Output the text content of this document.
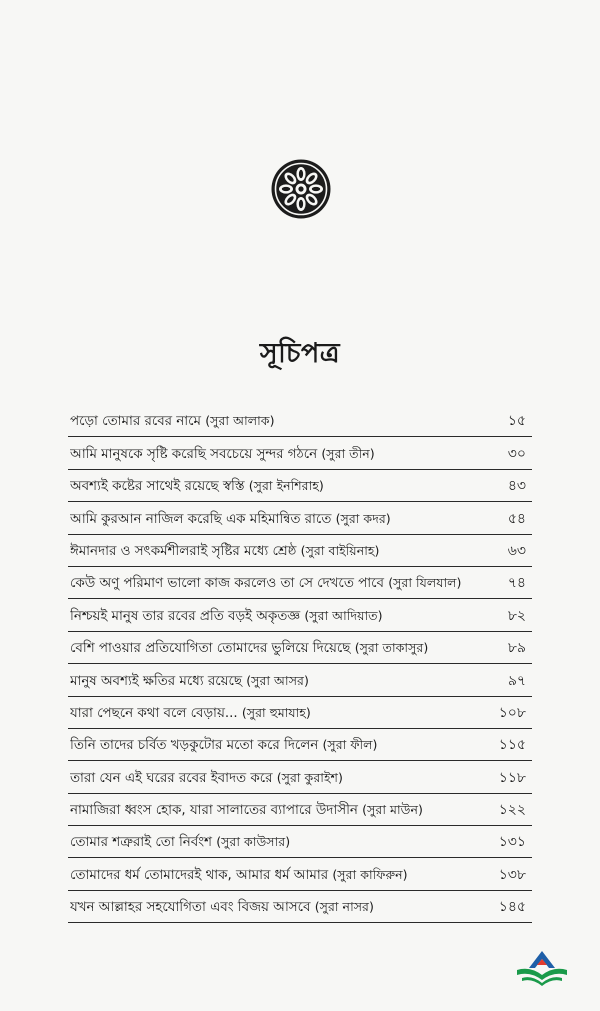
সূচিপত্র
পড়ো তোমার রবের নামে (সুরা আলাক)	১৫
আমি মানুষকে সৃষ্টি করেছি সবচেয়ে সুন্দর গঠনে (সুরা তীন)	৩০
অবশ্যই কষ্টের সাথেই রয়েছে স্বস্তি (সুরা ইনশিরাহ)	৪৩
আমি কুরআন নাজিল করেছি এক মহিমান্বিত রাতে (সুরা কদর)	৫৪
ঈমানদার ও সৎকর্মশীলরাই সৃষ্টির মধ্যে শ্রেষ্ঠ (সুরা বাইয়িনাহ)	৬৩
কেউ অণু পরিমাণ ভালো কাজ করলেও তা সে দেখতে পাবে (সুরা যিলযাল)	৭৪
নিশ্চয়ই মানুষ তার রবের প্রতি বড়ই অকৃতজ্ঞ (সুরা আদিয়াত)	৮২
বেশি পাওয়ার প্রতিযোগিতা তোমাদের ভুলিয়ে দিয়েছে (সুরা তাকাসুর)	৮৯
মানুষ অবশ্যই ক্ষতির মধ্যে রয়েছে (সুরা আসর)	৯৭
যারা পেছনে কথা বলে বেড়ায়... (সুরা হুমাযাহ)	১০৮
তিনি তাদের চর্বিত খড়কুটোর মতো করে দিলেন (সুরা ফীল)	১১৫
তারা যেন এই ঘরের রবের ইবাদত করে (সুরা কুরাইশ)	১১৮
নামাজিরা ধ্বংস হোক, যারা সালাতের ব্যাপারে উদাসীন (সুরা মাউন)	১২২
তোমার শত্রুরাই তো নির্বংশ (সুরা কাউসার)	১৩১
তোমাদের ধর্ম তোমাদেরই থাক, আমার ধর্ম আমার (সুরা কাফিরুন)	১৩৮
যখন আল্লাহর সহযোগিতা এবং বিজয় আসবে (সুরা নাসর)	১৪৫
